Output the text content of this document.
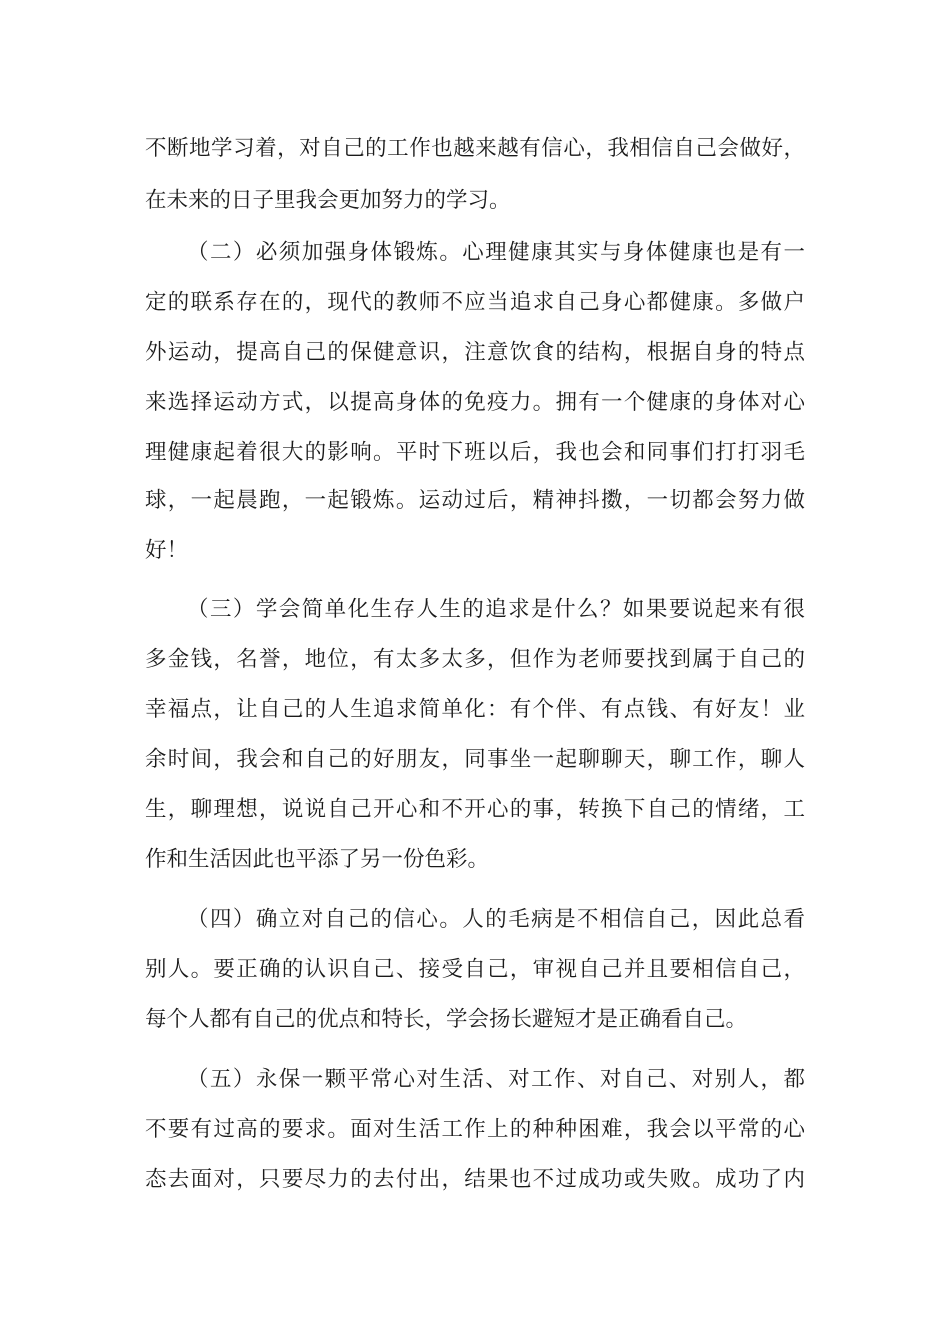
不断地学习着，对自己的工作也越来越有信心，我相信自己会做好，
在未来的日子里我会更加努力的学习。
（二）必须加强身体锻炼。心理健康其实与身体健康也是有一
定的联系存在的，现代的教师不应当追求自己身心都健康。多做户
外运动，提高自己的保健意识，注意饮食的结构，根据自身的特点
来选择运动方式，以提高身体的免疫力。拥有一个健康的身体对心
理健康起着很大的影响。平时下班以后，我也会和同事们打打羽毛
球，一起晨跑，一起锻炼。运动过后，精神抖擞，一切都会努力做
好！
（三）学会简单化生存人生的追求是什么？如果要说起来有很
多金钱，名誉，地位，有太多太多，但作为老师要找到属于自己的
幸福点，让自己的人生追求简单化：有个伴、有点钱、有好友！业
余时间，我会和自己的好朋友，同事坐一起聊聊天，聊工作，聊人
生，聊理想，说说自己开心和不开心的事，转换下自己的情绪，工
作和生活因此也平添了另一份色彩。
（四）确立对自己的信心。人的毛病是不相信自己，因此总看
别人。要正确的认识自己、接受自己，审视自己并且要相信自己，
每个人都有自己的优点和特长，学会扬长避短才是正确看自己。
（五）永保一颗平常心对生活、对工作、对自己、对别人，都
不要有过高的要求。面对生活工作上的种种困难，我会以平常的心
态去面对，只要尽力的去付出，结果也不过成功或失败。成功了内
